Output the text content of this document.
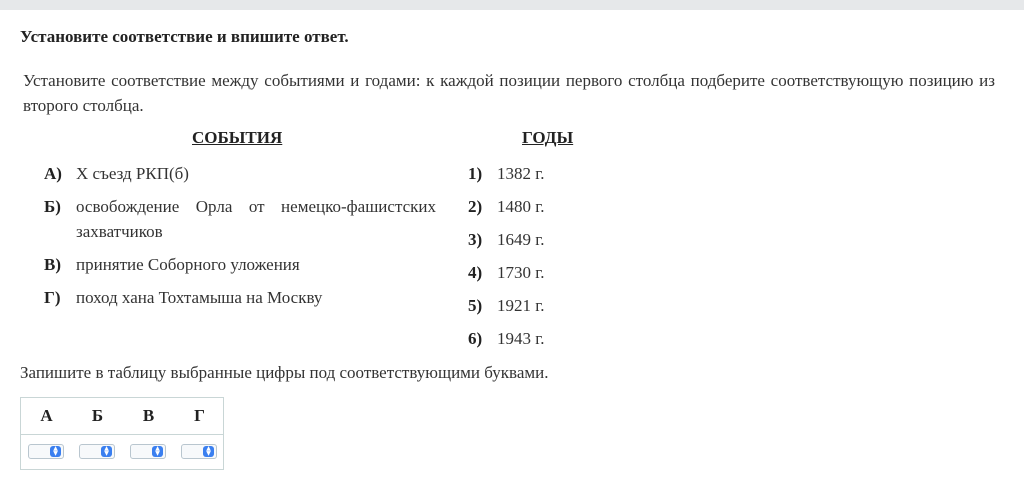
Установите соответствие и впишите ответ.
Установите соответствие между событиями и годами: к каждой позиции первого столбца подберите соответствующую позицию из второго столбца.
СОБЫТИЯ	ГОДЫ
А) X съезд РКП(б)
Б) освобождение Орла от немецко-фашистских захватчиков
В) принятие Соборного уложения
Г) поход хана Тохтамыша на Москву
1) 1382 г.
2) 1480 г.
3) 1649 г.
4) 1730 г.
5) 1921 г.
6) 1943 г.
Запишите в таблицу выбранные цифры под соответствующими буквами.
А	Б	В	Г
▲
▼
▲
▼
▲
▼
▲
▼
